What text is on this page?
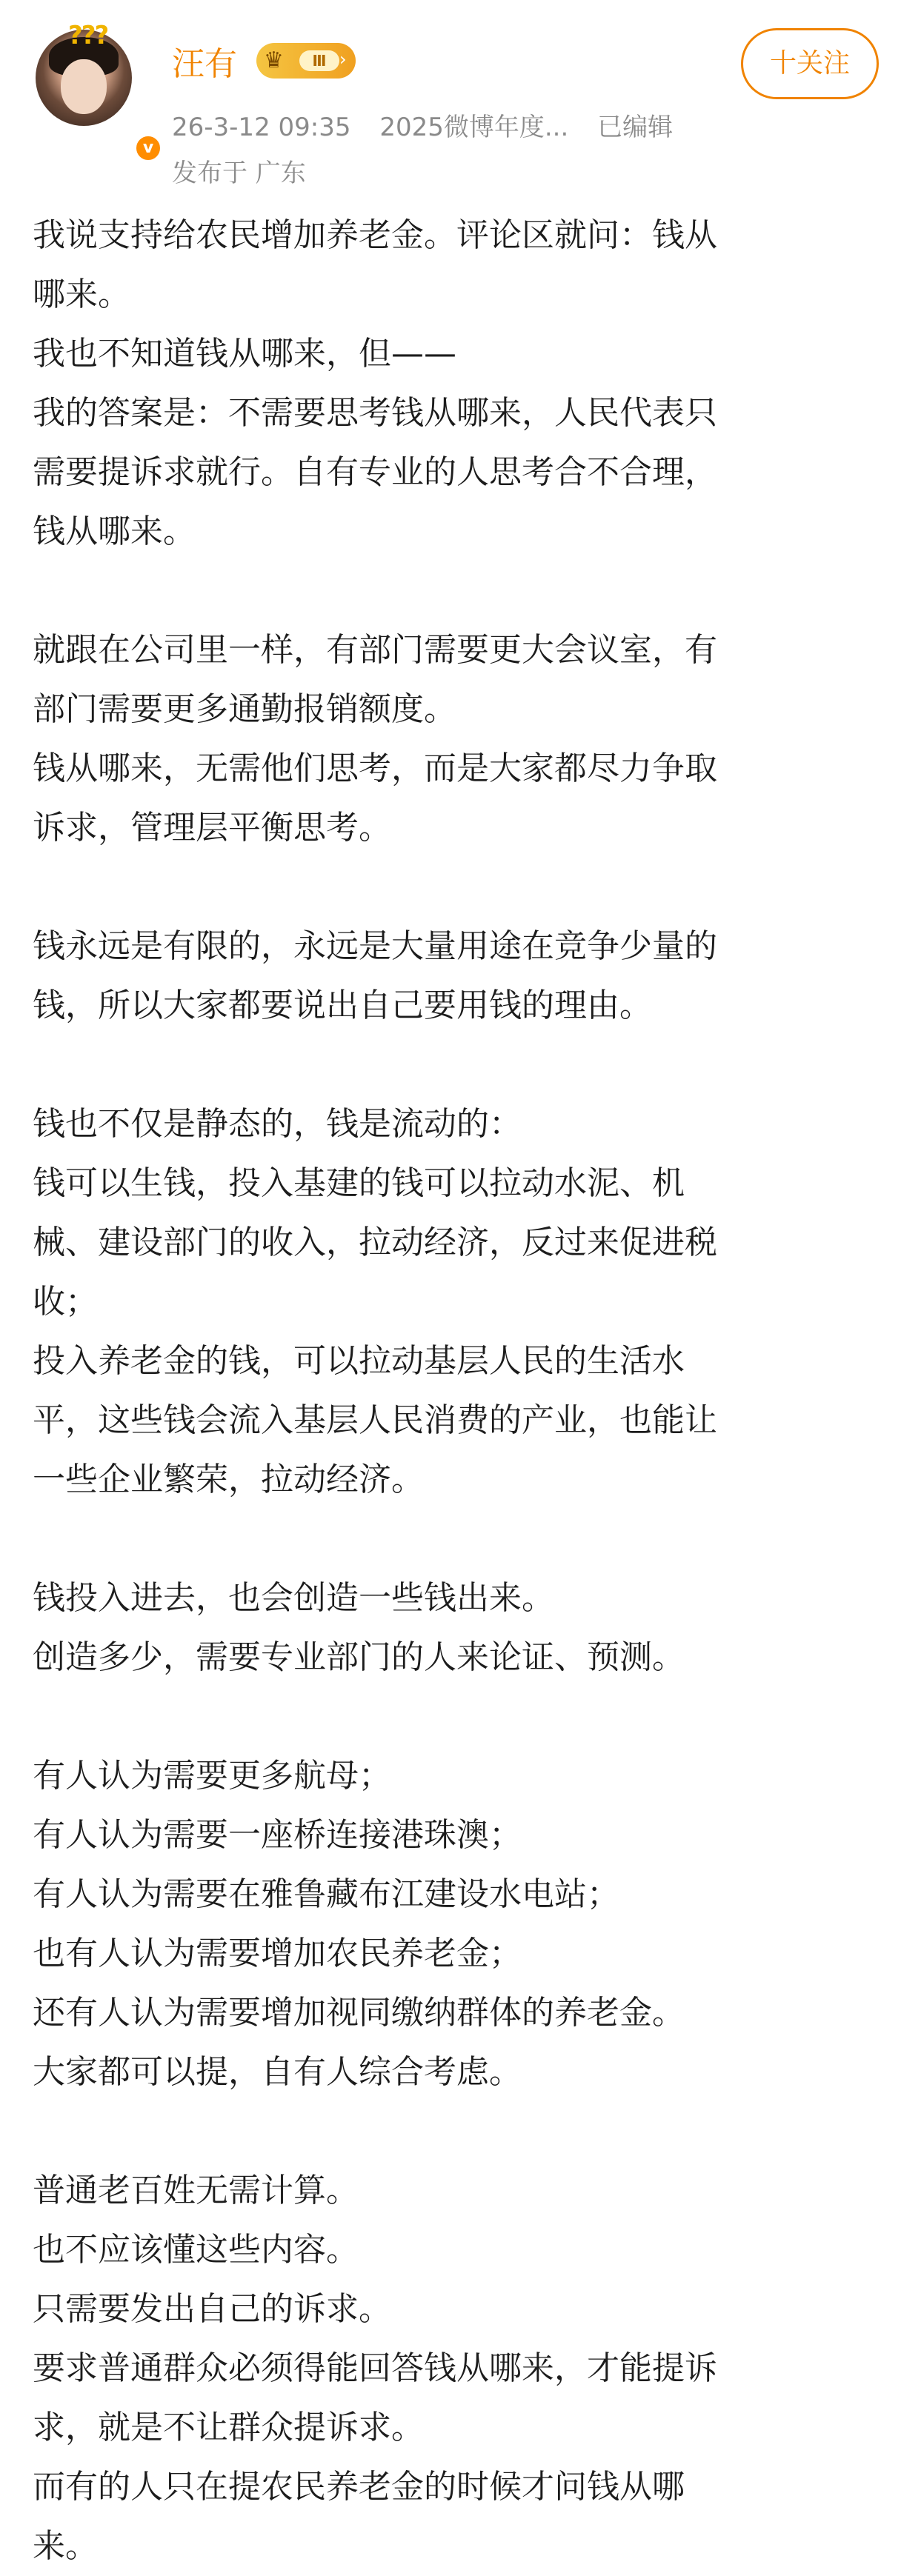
???
v
汪有 ♛	Ⅲ ›
26-3-12 09:35 2025微博年度... 已编辑
发布于 广东
十关注

我说支持给农民增加养老金。评论区就问：钱从

哪来。

我也不知道钱从哪来，但——

我的答案是：不需要思考钱从哪来，人民代表只

需要提诉求就行。自有专业的人思考合不合理，

钱从哪来。

就跟在公司里一样，有部门需要更大会议室，有

部门需要更多通勤报销额度。

钱从哪来，无需他们思考，而是大家都尽力争取

诉求，管理层平衡思考。

钱永远是有限的，永远是大量用途在竞争少量的

钱，所以大家都要说出自己要用钱的理由。

钱也不仅是静态的，钱是流动的：

钱可以生钱，投入基建的钱可以拉动水泥、机

械、建设部门的收入，拉动经济，反过来促进税

收；

投入养老金的钱，可以拉动基层人民的生活水

平，这些钱会流入基层人民消费的产业，也能让

一些企业繁荣，拉动经济。

钱投入进去，也会创造一些钱出来。

创造多少，需要专业部门的人来论证、预测。

有人认为需要更多航母；

有人认为需要一座桥连接港珠澳；

有人认为需要在雅鲁藏布江建设水电站；

也有人认为需要增加农民养老金；

还有人认为需要增加视同缴纳群体的养老金。

大家都可以提，自有人综合考虑。

普通老百姓无需计算。

也不应该懂这些内容。

只需要发出自己的诉求。

要求普通群众必须得能回答钱从哪来，才能提诉

求，就是不让群众提诉求。

而有的人只在提农民养老金的时候才问钱从哪

来。
